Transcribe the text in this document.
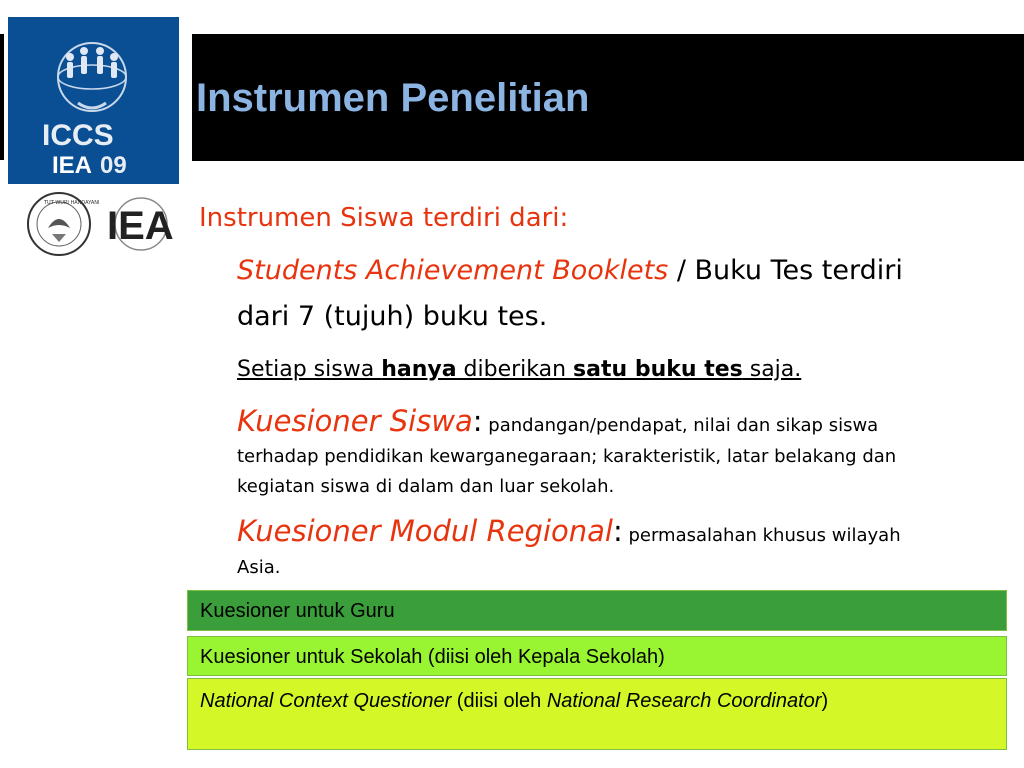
ICCS
IEA 09
Instrumen Penelitian
TUT WURI HANDAYANI
IEA Instrumen Siswa terdiri dari:
Students Achievement Booklets / Buku Tes terdiri
dari 7 (tujuh) buku tes.
Setiap siswa hanya diberikan satu buku tes saja.
Kuesioner Siswa: pandangan/pendapat, nilai dan sikap siswa
terhadap pendidikan kewarganegaraan; karakteristik, latar belakang dan
kegiatan siswa di dalam dan luar sekolah.
Kuesioner Modul Regional: permasalahan khusus wilayah
Asia.
Kuesioner untuk Guru
Kuesioner untuk Sekolah (diisi oleh Kepala Sekolah)
National Context Questioner (diisi oleh National Research Coordinator)
